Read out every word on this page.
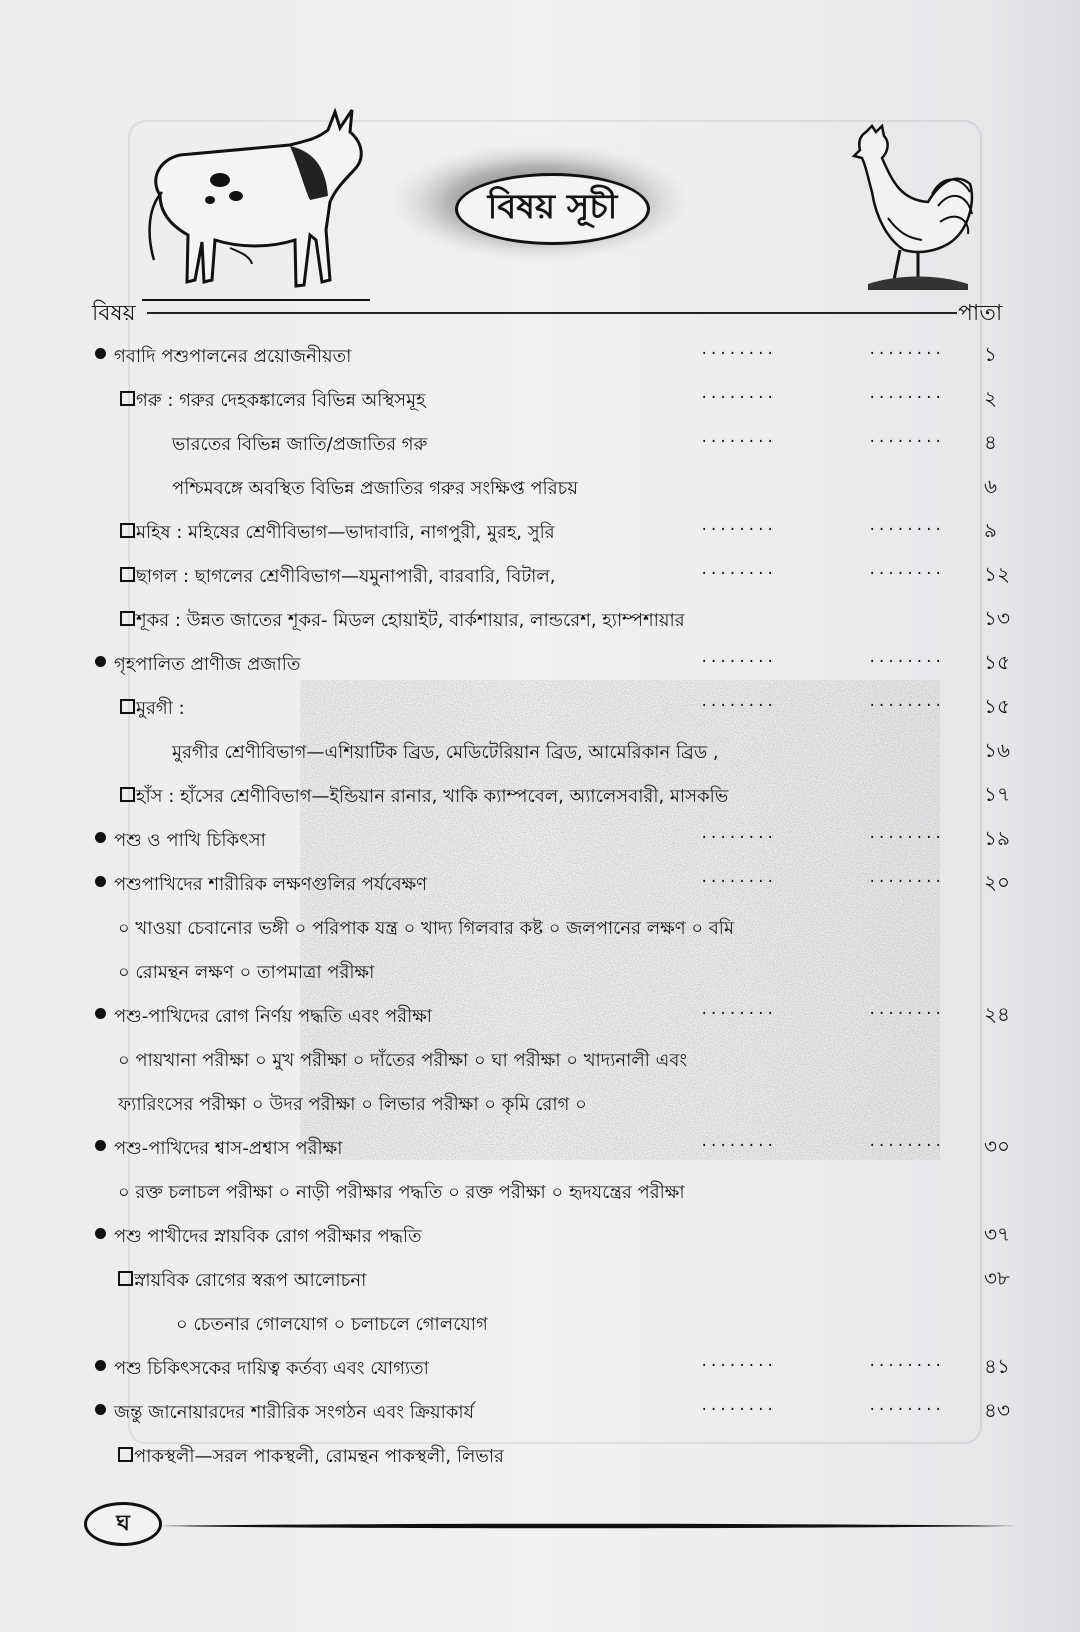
বিষয় সূচী
বিষয়	পাতা
গবাদি পশুপালনের প্রয়োজনীয়তা	........	........ ১
গরু : গরুর দেহকঙ্কালের বিভিন্ন অস্থিসমূহ	........	........ ২
ভারতের বিভিন্ন জাতি/প্রজাতির গরু	........	........ ৪
পশ্চিমবঙ্গে অবস্থিত বিভিন্ন প্রজাতির গরুর সংক্ষিপ্ত পরিচয়	৬
মহিষ : মহিষের শ্রেণীবিভাগ—ভাদাবারি, নাগপুরী, মুরহ, সুরি	........	........ ৯
ছাগল : ছাগলের শ্রেণীবিভাগ—যমুনাপারী, বারবারি, বিটাল,	........	........ ১২
শূকর : উন্নত জাতের শূকর- মিডল হোয়াইট, বার্কশায়ার, লান্ডরেশ, হ্যাম্পশায়ার	১৩
গৃহপালিত প্রাণীজ প্রজাতি	........	........ ১৫
মুরগী :	........	........ ১৫
মুরগীর শ্রেণীবিভাগ—এশিয়াটিক ব্রিড, মেডিটেরিয়ান ব্রিড, আমেরিকান ব্রিড ,	১৬
হাঁস : হাঁসের শ্রেণীবিভাগ—ইন্ডিয়ান রানার, খাকি ক্যাম্পবেল, অ্যালেসবারী, মাসকভি	১৭
পশু ও পাখি চিকিৎসা	........	........ ১৯
পশুপাখিদের শারীরিক লক্ষণগুলির পর্যবেক্ষণ	........	........ ২০
০ খাওয়া চেবানোর ভঙ্গী ০ পরিপাক যন্ত্র ০ খাদ্য গিলবার কষ্ট ০ জলপানের লক্ষণ ০ বমি
০ রোমন্থন লক্ষণ ০ তাপমাত্রা পরীক্ষা
পশু-পাখিদের রোগ নির্ণয় পদ্ধতি এবং পরীক্ষা	........	........ ২৪
০ পায়খানা পরীক্ষা ০ মুখ পরীক্ষা ০ দাঁতের পরীক্ষা ০ ঘা পরীক্ষা ০ খাদ্যনালী এবং
ফ্যারিংসের পরীক্ষা ০ উদর পরীক্ষা ০ লিভার পরীক্ষা ০ কৃমি রোগ ০
পশু-পাখিদের শ্বাস-প্রশ্বাস পরীক্ষা	........	........ ৩০
০ রক্ত চলাচল পরীক্ষা ০ নাড়ী পরীক্ষার পদ্ধতি ০ রক্ত পরীক্ষা ০ হৃদযন্ত্রের পরীক্ষা
পশু পাখীদের স্নায়বিক রোগ পরীক্ষার পদ্ধতি	৩৭
স্নায়বিক রোগের স্বরূপ আলোচনা	৩৮
০ চেতনার গোলযোগ ০ চলাচলে গোলযোগ
পশু চিকিৎসকের দায়িত্ব কর্তব্য এবং যোগ্যতা	........	........ ৪১
জন্তু জানোয়ারদের শারীরিক সংগঠন এবং ক্রিয়াকার্য	........	........ ৪৩
পাকস্থলী—সরল পাকস্থলী, রোমন্থন পাকস্থলী, লিভার
ঘ
